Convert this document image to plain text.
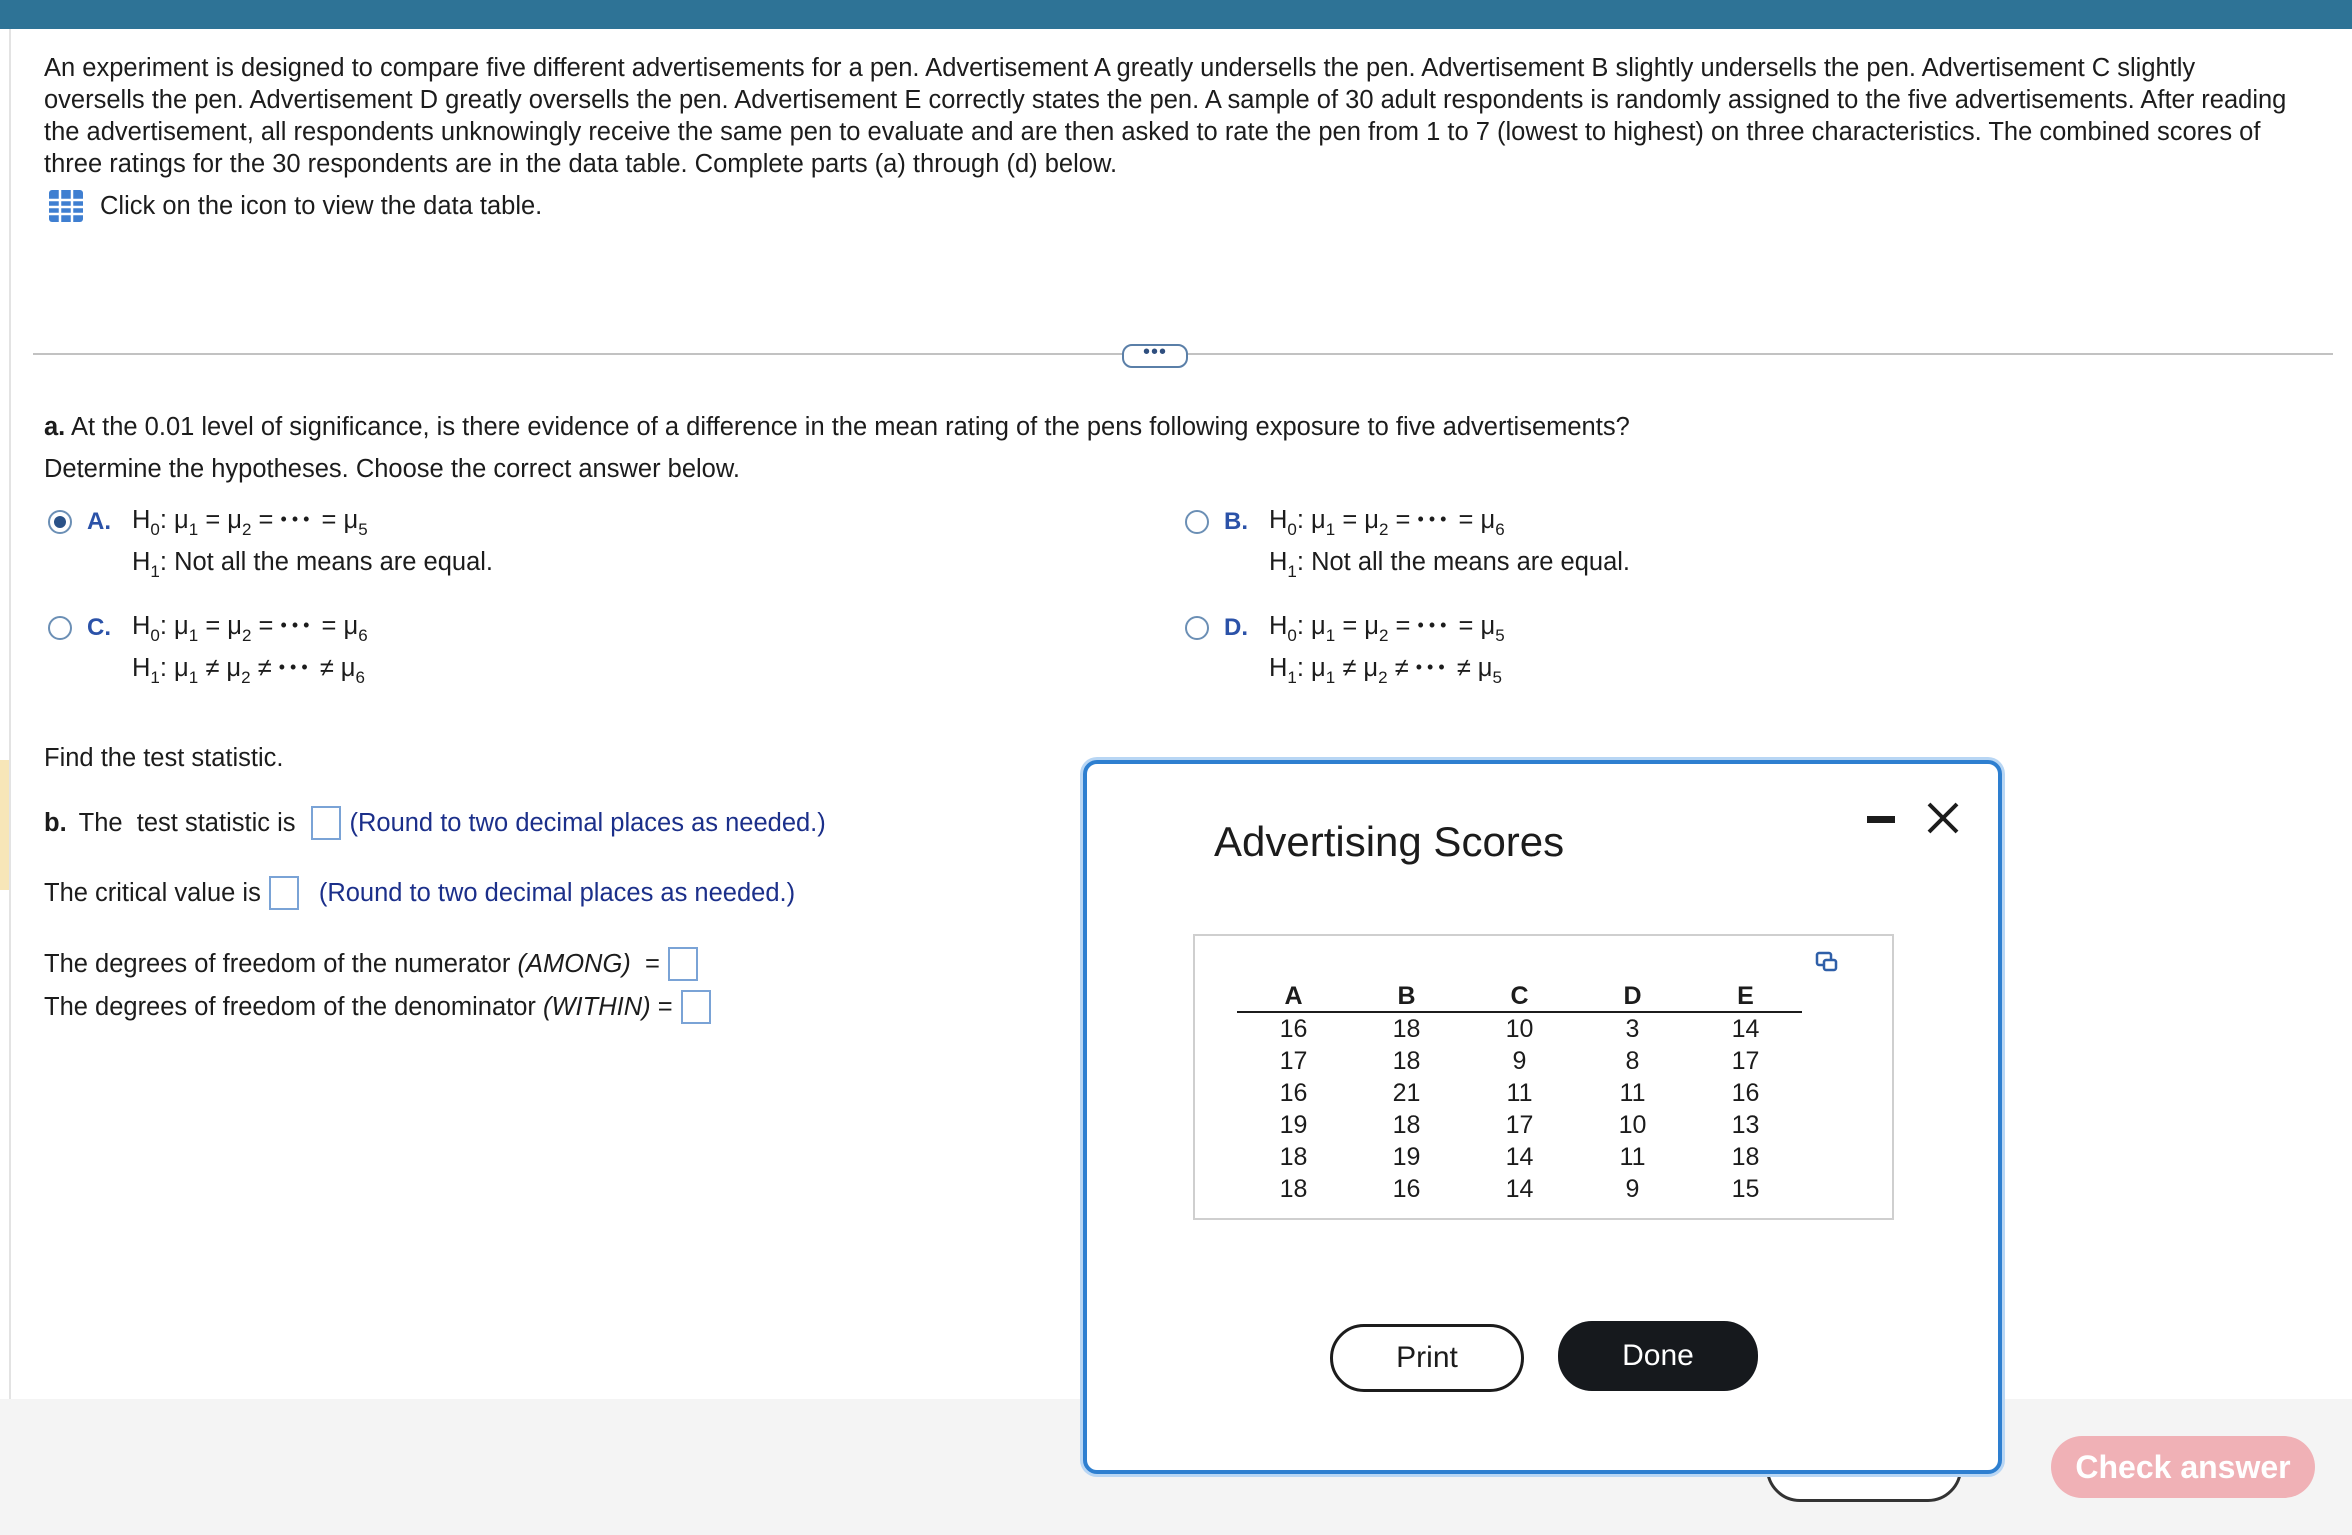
An experiment is designed to compare five different advertisements for a pen. Advertisement A greatly undersells the pen. Advertisement B slightly undersells the pen. Advertisement C slightly oversells the pen. Advertisement D greatly oversells the pen. Advertisement E correctly states the pen. A sample of 30 adult respondents is randomly assigned to the five advertisements. After reading the advertisement, all respondents unknowingly receive the same pen to evaluate and are then asked to rate the pen from 1 to 7 (lowest to highest) on three characteristics. The combined scores of three ratings for the 30 respondents are in the data table. Complete parts (a) through (d) below.
Click on the icon to view the data table.
•••
a. At the 0.01 level of significance, is there evidence of a difference in the mean rating of the pens following exposure to five advertisements?
Determine the hypotheses. Choose the correct answer below.
A. $H_0$: $\mu_1 = \mu_2$ = ••• = $\mu_5$
$H_1$: Not all the means are equal.
B. $H_0$: $\mu_1 = \mu_2$ = ••• = $\mu_6$
$H_1$: Not all the means are equal.
C. $H_0$: $\mu_1 = \mu_2$ = ••• = $\mu_6$
$H_1$: $\mu_1 \ne \mu_2$ ≠ ••• ≠ $\mu_6$
D. $H_0$: $\mu_1 = \mu_2$ = ••• = $\mu_5$
$H_1$: $\mu_1 \ne \mu_2$ ≠ ••• ≠ $\mu_5$
Find the test statistic.
b. The  test statistic is (Round to two decimal places as needed.)
The critical value is (Round to two decimal places as needed.)
The degrees of freedom of the numerator
(AMONG) =
The degrees of freedom of the denominator
(WITHIN) =
Check answer
Advertising Scores
A	B	C	D	E
16	18	10	3	14
17	18	9	8	17
16	21	11	11	16
19	18	17	10	13
18	19	14	11	18
18	16	14	9	15
Print	Done
